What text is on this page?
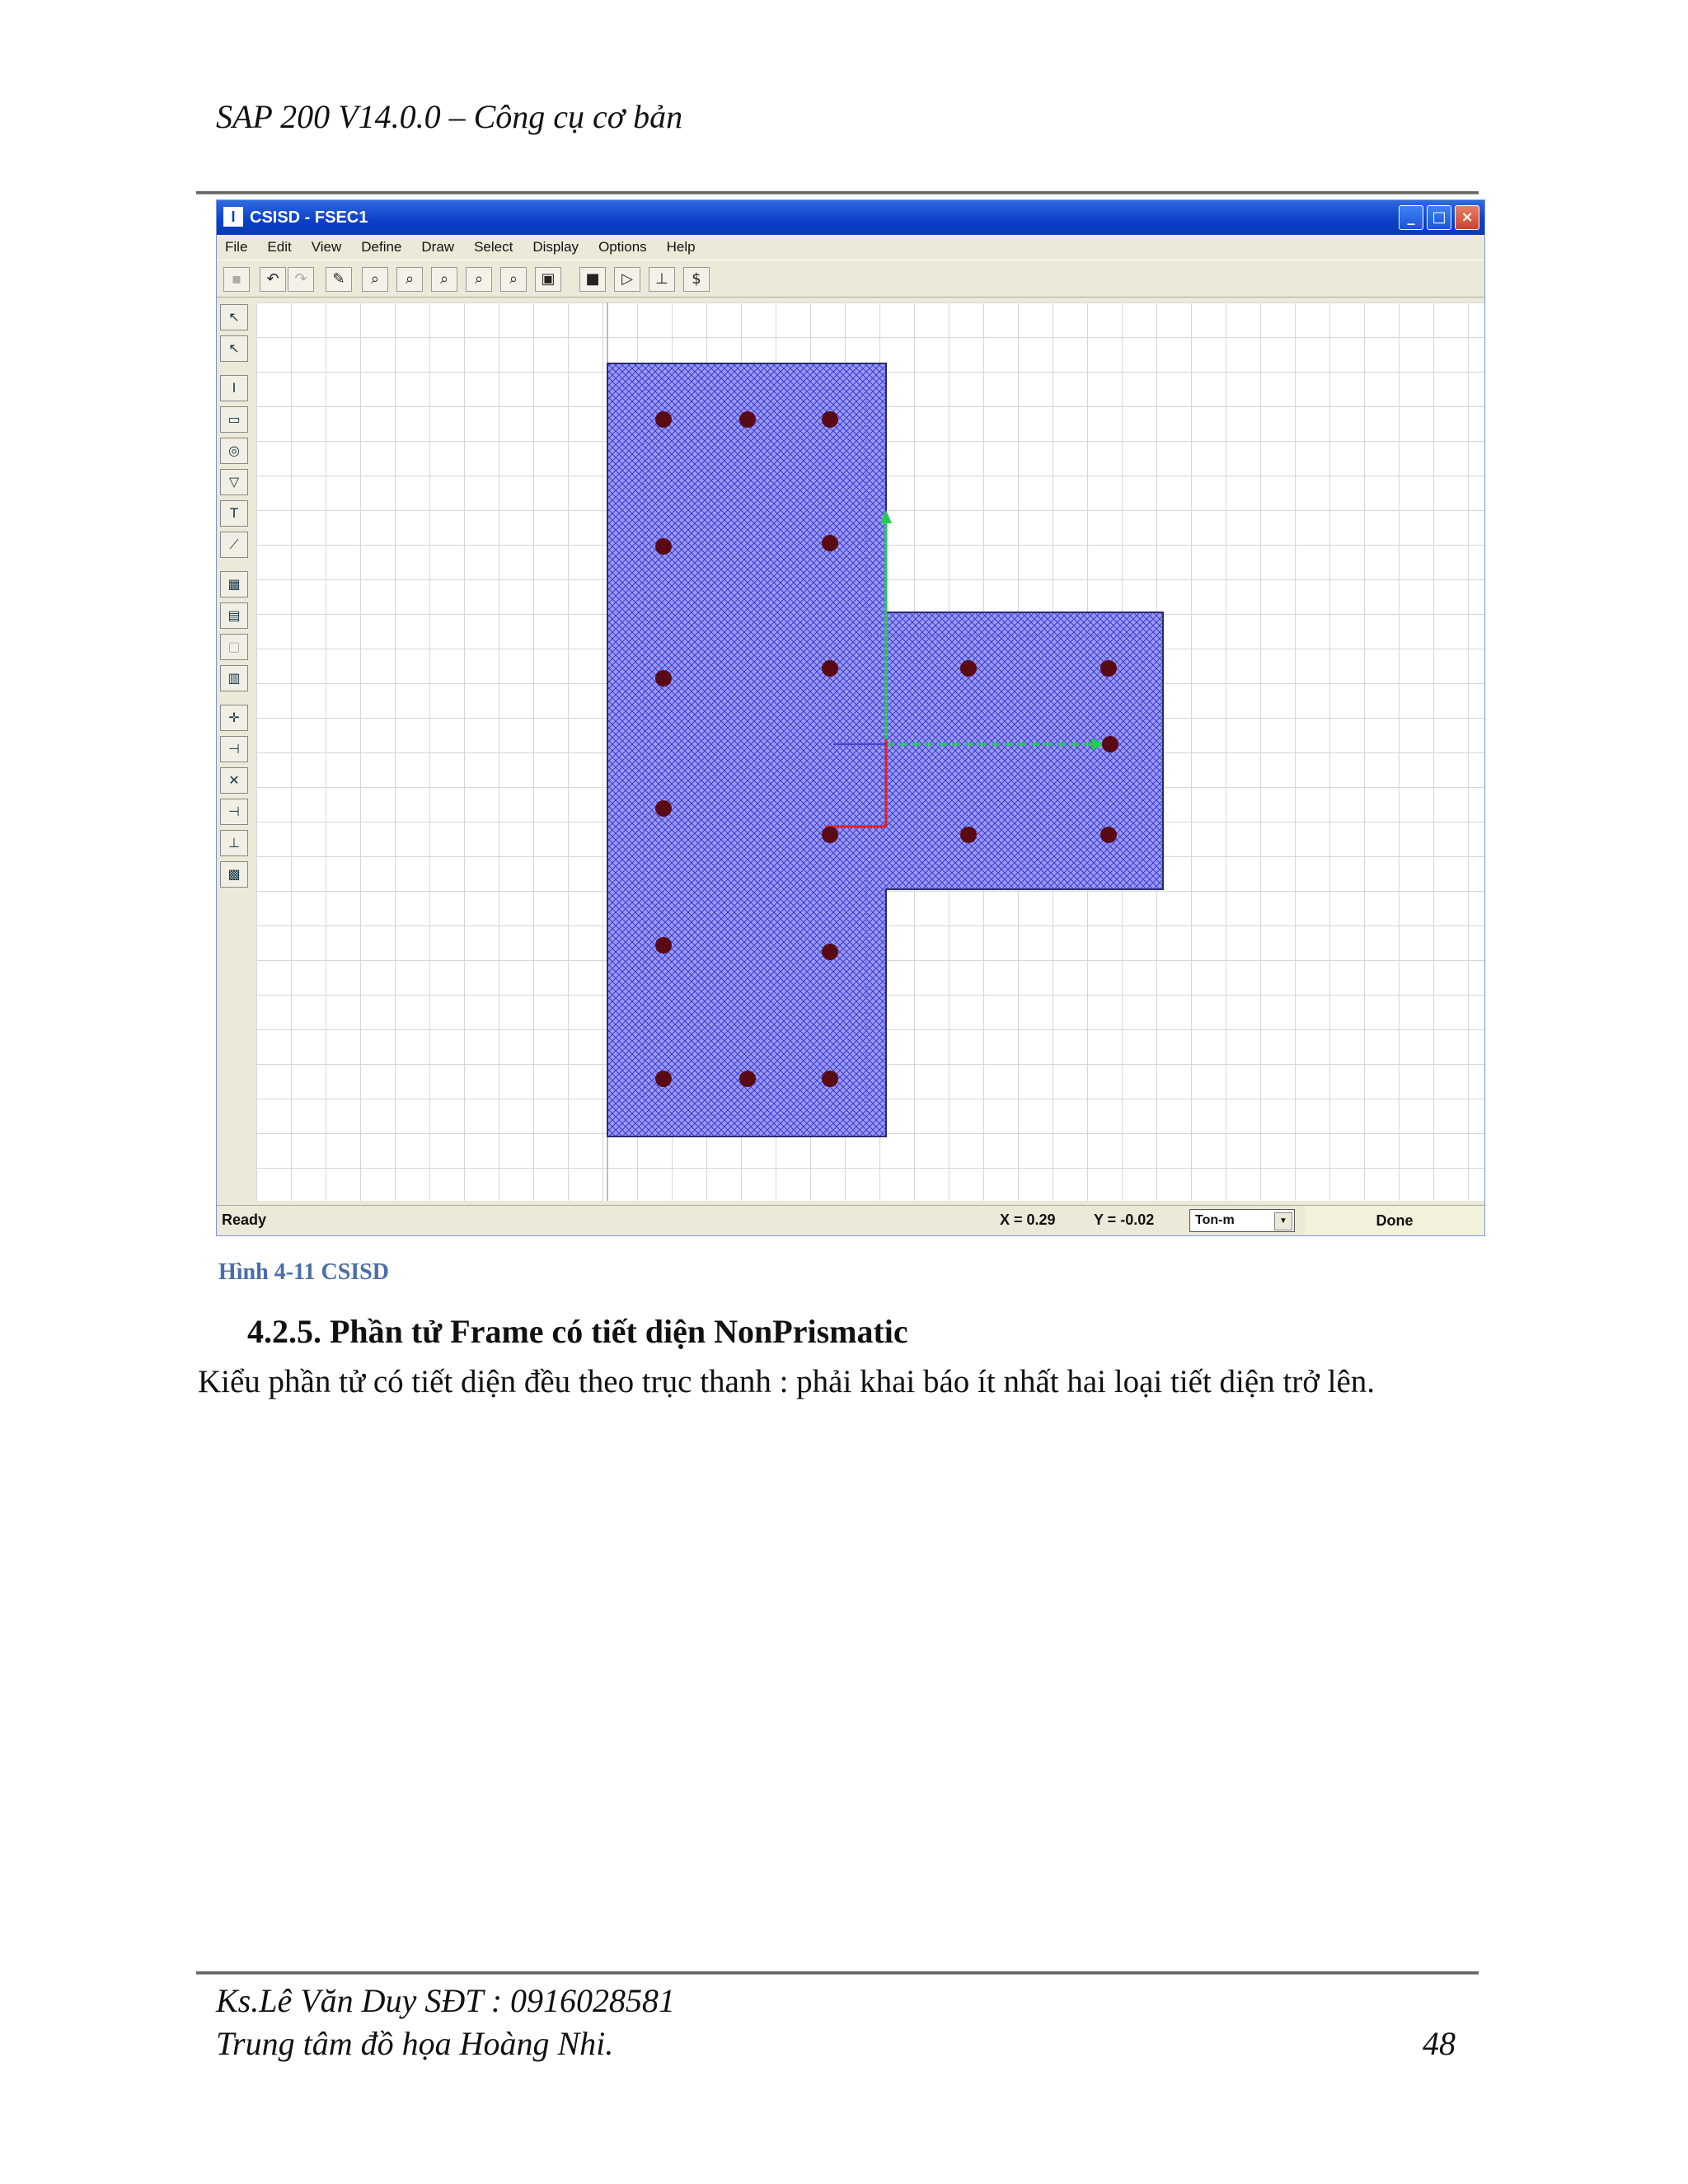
SAP 200 V14.0.0 – Công cụ cơ bản
I CSISD - FSEC1	_	□ ×
File Edit View Define Draw Select Display Options Help
▪	↶	↷	✎	⌕	⌕	⌕	⌕	⌕	▣	■	▷	⊥	$
↖
↖
I
▭
◎
▽
T
⟋
▦
▤
▢
▥
✛
⊣
✕
⊣
⊥
▩
Ready	X = 0.29	Y = -0.02	Ton-m	▼	Done
Hình 4-11 CSISD
4.2.5. Phần tử Frame có tiết diện NonPrismatic
Kiểu phần tử có tiết diện đều theo trục thanh : phải khai báo ít nhất hai loại tiết diện trở lên.
Ks.Lê Văn Duy SĐT : 0916028581
Trung tâm đồ họa Hoàng Nhi.	48
